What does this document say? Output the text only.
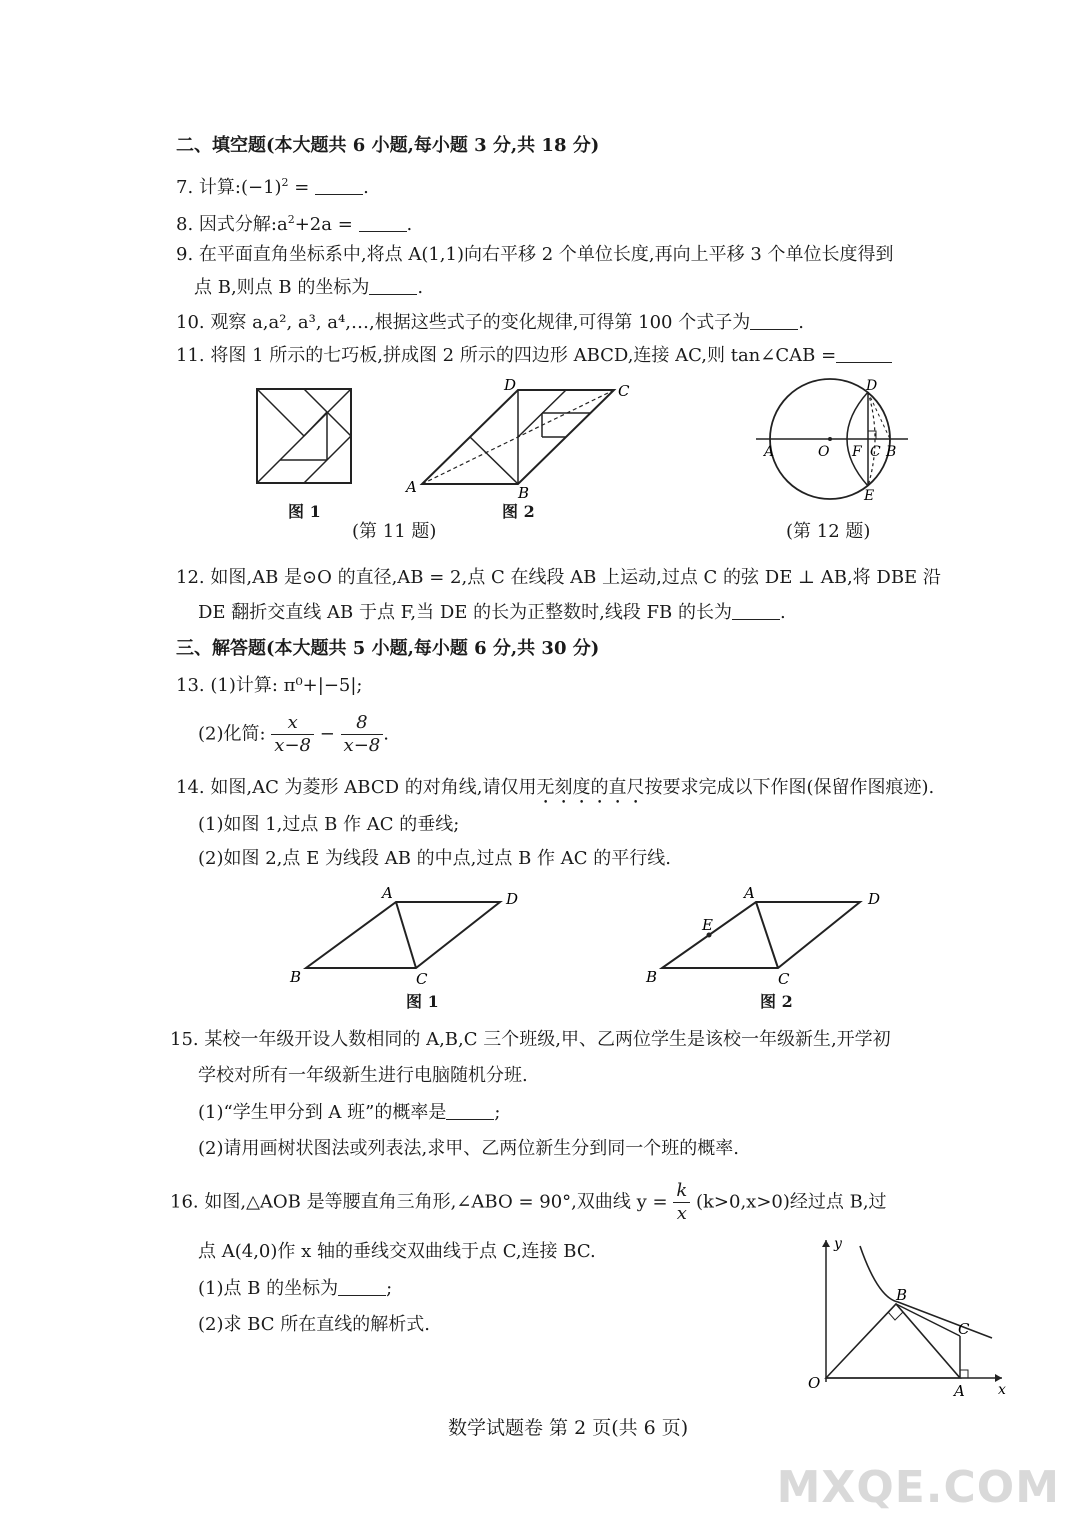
二、填空题(本大题共 6 小题,每小题 3 分,共 18 分)
7. 计算$:(-1)^2$ =	.
8. 因式分解$:a^2+2a$ =	.
9. 在平面直角坐标系中,将点 A(1,1)向右平移 2 个单位长度,再向上平移 3 个单位长度得到
点 B,则点 B 的坐标为	.
10. 观察 a,a², a³, a⁴,…,根据这些式子的变化规律,可得第 100 个式子为	.
11. 将图 1 所示的七巧板,拼成图 2 所示的四边形 ABCD,连接 AC,则 tan∠CAB =
图 1
A	B
C
D
图 2
(第 11 题)
A	O F C B
D
E
(第 12 题)
12. 如图,AB 是⊙O 的直径,AB = 2,点 C 在线段 AB 上运动,过点 C 的弦 DE ⊥ AB,将 DBE 沿
DE 翻折交直线 AB 于点 F,当 DE 的长为正整数时,线段 FB 的长为	.
三、解答题(本大题共 5 小题,每小题 6 分,共 30 分)
13. (1)计算: π⁰+|−5|;
(2)化简: $\frac{x}{x-8} - \frac{8}{x-8}$ .
14. 如图,AC 为菱形 ABCD 的对角线,请仅用无刻度的直尺按要求完成以下作图(保留作图痕迹).
(1)如图 1,过点 B 作 AC 的垂线;
(2)如图 2,点 E 为线段 AB 的中点,过点 B 作 AC 的平行线.
B	C
D
A
图 1
B	C
D
A
E
图 2
15. 某校一年级开设人数相同的 A,B,C 三个班级,甲、乙两位学生是该校一年级新生,开学初
学校对所有一年级新生进行电脑随机分班.
(1)“学生甲分到 A 班”的概率是	;
(2)请用画树状图法或列表法,求甲、乙两位新生分到同一个班的概率.
16. 如图,△AOB 是等腰直角三角形,∠ABO = 90°,双曲线 $y = \frac{k}{x} (k>0,x>0)$经过点 B,过
点 A(4,0)作 x 轴的垂线交双曲线于点 C,连接 BC.
(1)点 B 的坐标为	;
(2)求 BC 所在直线的解析式.
O	A
B
C
x
y
数学试题卷 第 2 页(共 6 页)
MXQE.COM
